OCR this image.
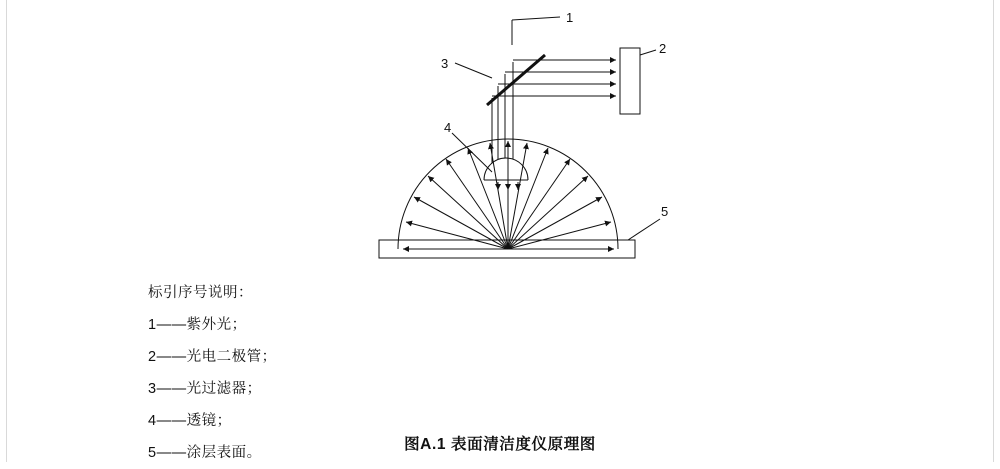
1
2
3
4
5
标引序号说明：
1——紫外光；
2——光电二极管；
3——光过滤器；
4——透镜；
5——涂层表面。	图A.1 表面清洁度仪原理图
